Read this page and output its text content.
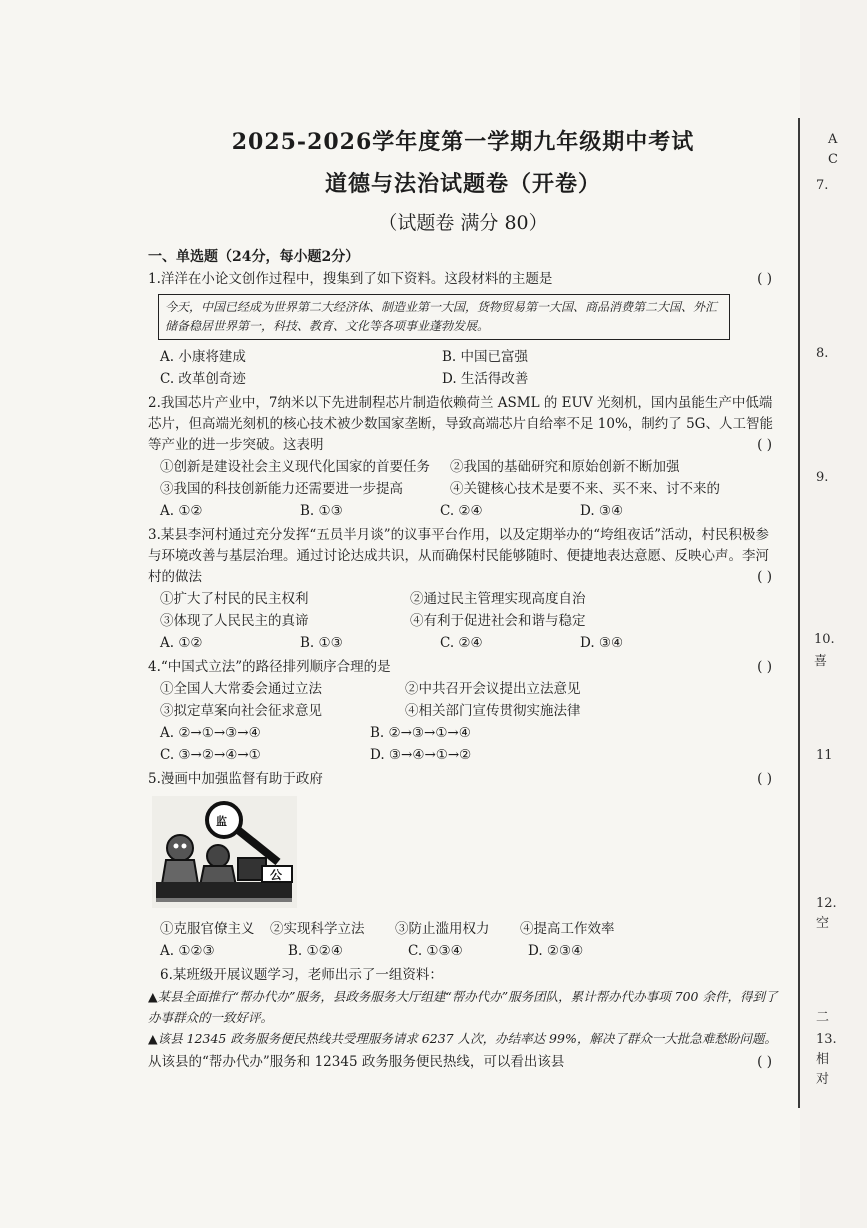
2025-2026学年度第一学期九年级期中考试
道德与法治试题卷（开卷）
（试题卷 满分 80）
一、单选题（24分，每小题2分）
1.洋洋在小论文创作过程中，搜集到了如下资料。这段材料的主题是	( )
今天，中国已经成为世界第二大经济体、制造业第一大国，货物贸易第一大国、商品消费第二大国、外汇储备稳居世界第一，科技、教育、文化等各项事业蓬勃发展。
A. 小康将建成	B. 中国已富强
C. 改革创奇迹	D. 生活得改善
2.我国芯片产业中，7纳米以下先进制程芯片制造依赖荷兰 ASML 的 EUV 光刻机，国内虽能生产中低端芯片，但高端光刻机的核心技术被少数国家垄断，导致高端芯片自给率不足 10%，制约了 5G、人工智能等产业的进一步突破。这表明	( )
①创新是建设社会主义现代化国家的首要任务	②我国的基础研究和原始创新不断加强
③我国的科技创新能力还需要进一步提高	④关键核心技术是要不来、买不来、讨不来的
A. ①②	B. ①③	C. ②④	D. ③④
3.某县李河村通过充分发挥“五员半月谈”的议事平台作用，以及定期举办的“垮组夜话”活动，村民积极参与环境改善与基层治理。通过讨论达成共识，从而确保村民能够随时、便捷地表达意愿、反映心声。李河村的做法	( )
①扩大了村民的民主权利	②通过民主管理实现高度自治
③体现了人民民主的真谛	④有利于促进社会和谐与稳定
A. ①②	B. ①③	C. ②④	D. ③④
4.“中国式立法”的路径排列顺序合理的是	( )
①全国人大常委会通过立法	②中共召开会议提出立法意见
③拟定草案向社会征求意见	④相关部门宣传贯彻实施法律
A. ②→①→③→④	B. ②→③→①→④
C. ③→②→④→①	D. ③→④→①→②
5.漫画中加强监督有助于政府	( )
监
公
①克服官僚主义	②实现科学立法	③防止滥用权力	④提高工作效率
A. ①②③	B. ①②④	C. ①③④	D. ②③④
6.某班级开展议题学习，老师出示了一组资料：
▲某县全面推行“帮办代办”服务，县政务服务大厅组建“帮办代办”服务团队，累计帮办代办事项 700 余件，得到了办事群众的一致好评。
▲该县 12345 政务服务便民热线共受理服务请求 6237 人次，办结率达 99%，解决了群众一大批急难愁盼问题。
从该县的“帮办代办”服务和 12345 政务服务便民热线，可以看出该县	( )
A
C
7.
8.
9.
10.
喜
11
12.
空
二
13.
相
对
